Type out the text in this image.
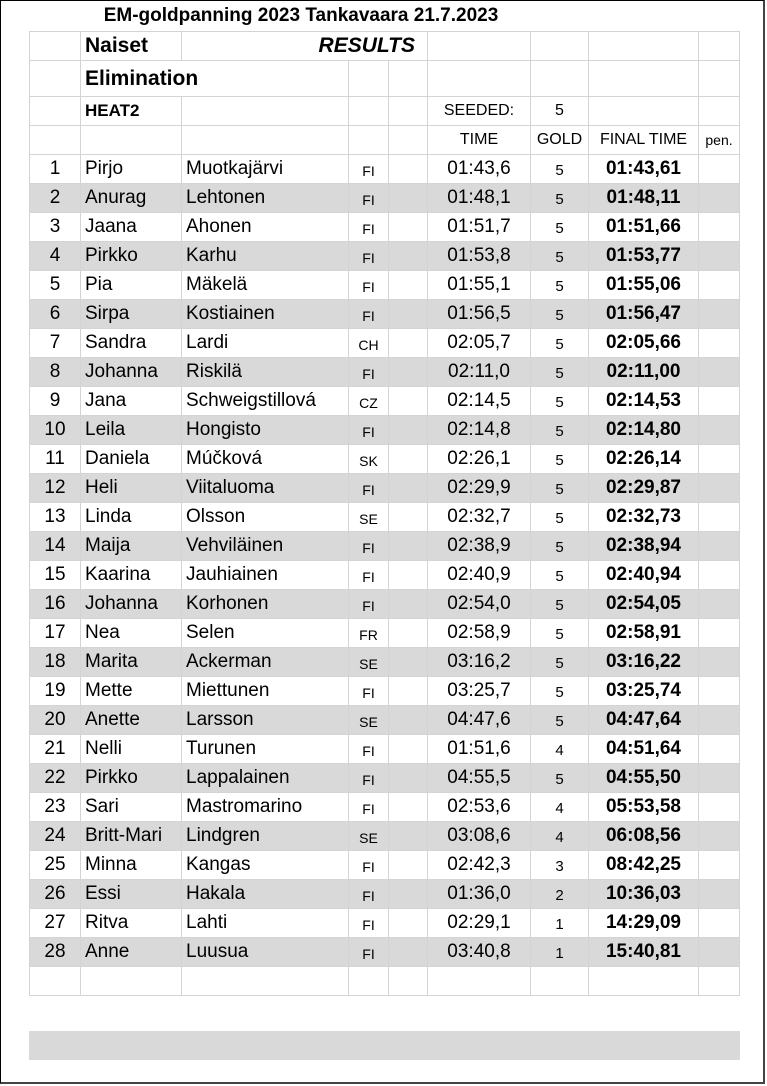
EM-goldpanning 2023 Tankavaara 21.7.2023
	Naiset	RESULTS						
	Elimination							
	HEAT2				SEEDED:	5		
					TIME	GOLD	FINAL TIME	pen.
1	Pirjo	Muotkajärvi	FI		01:43,6	5	01:43,61	
2	Anurag	Lehtonen	FI		01:48,1	5	01:48,11	
3	Jaana	Ahonen	FI		01:51,7	5	01:51,66	
4	Pirkko	Karhu	FI		01:53,8	5	01:53,77	
5	Pia	Mäkelä	FI		01:55,1	5	01:55,06	
6	Sirpa	Kostiainen	FI		01:56,5	5	01:56,47	
7	Sandra	Lardi	CH		02:05,7	5	02:05,66	
8	Johanna	Riskilä	FI		02:11,0	5	02:11,00	
9	Jana	Schweigstillová	CZ		02:14,5	5	02:14,53	
10	Leila	Hongisto	FI		02:14,8	5	02:14,80	
11	Daniela	Múčková	SK		02:26,1	5	02:26,14	
12	Heli	Viitaluoma	FI		02:29,9	5	02:29,87	
13	Linda	Olsson	SE		02:32,7	5	02:32,73	
14	Maija	Vehviläinen	FI		02:38,9	5	02:38,94	
15	Kaarina	Jauhiainen	FI		02:40,9	5	02:40,94	
16	Johanna	Korhonen	FI		02:54,0	5	02:54,05	
17	Nea	Selen	FR		02:58,9	5	02:58,91	
18	Marita	Ackerman	SE		03:16,2	5	03:16,22	
19	Mette	Miettunen	FI		03:25,7	5	03:25,74	
20	Anette	Larsson	SE		04:47,6	5	04:47,64	
21	Nelli	Turunen	FI		01:51,6	4	04:51,64	
22	Pirkko	Lappalainen	FI		04:55,5	5	04:55,50	
23	Sari	Mastromarino	FI		02:53,6	4	05:53,58	
24	Britt-Mari	Lindgren	SE		03:08,6	4	06:08,56	
25	Minna	Kangas	FI		02:42,3	3	08:42,25	
26	Essi	Hakala	FI		01:36,0	2	10:36,03	
27	Ritva	Lahti	FI		02:29,1	1	14:29,09	
28	Anne	Luusua	FI		03:40,8	1	15:40,81	
